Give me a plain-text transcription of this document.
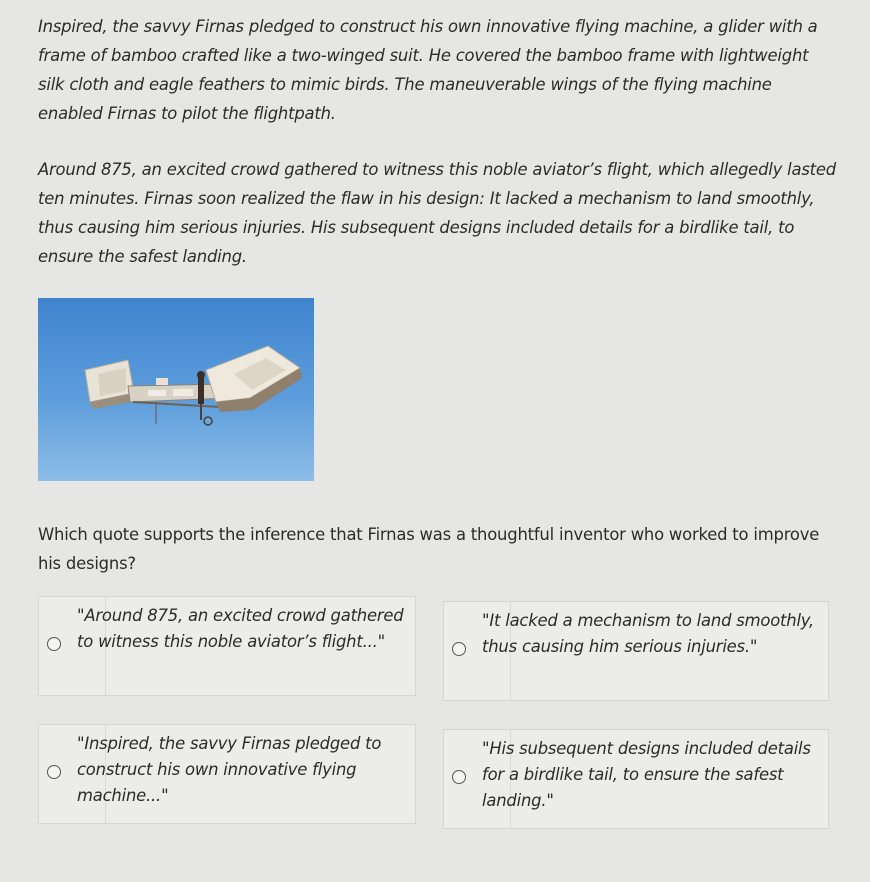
Inspired, the savvy Firnas pledged to construct his own innovative flying machine, a glider with a frame of bamboo crafted like a two-winged suit. He covered the bamboo frame with lightweight silk cloth and eagle feathers to mimic birds. The maneuverable wings of the flying machine enabled Firnas to pilot the flightpath.

Around 875, an excited crowd gathered to witness this noble aviator’s flight, which allegedly lasted ten minutes. Firnas soon realized the flaw in his design: It lacked a mechanism to land smoothly, thus causing him serious injuries. His subsequent designs included details for a birdlike tail, to ensure the safest landing.

Which quote supports the inference that Firnas was a thoughtful inventor who worked to improve his designs?

"Around 875, an excited crowd gathered to witness this noble aviator’s flight..."
"It lacked a mechanism to land smoothly, thus causing him serious injuries."
"Inspired, the savvy Firnas pledged to construct his own innovative flying machine..."
"His subsequent designs included details for a birdlike tail, to ensure the safest landing."
